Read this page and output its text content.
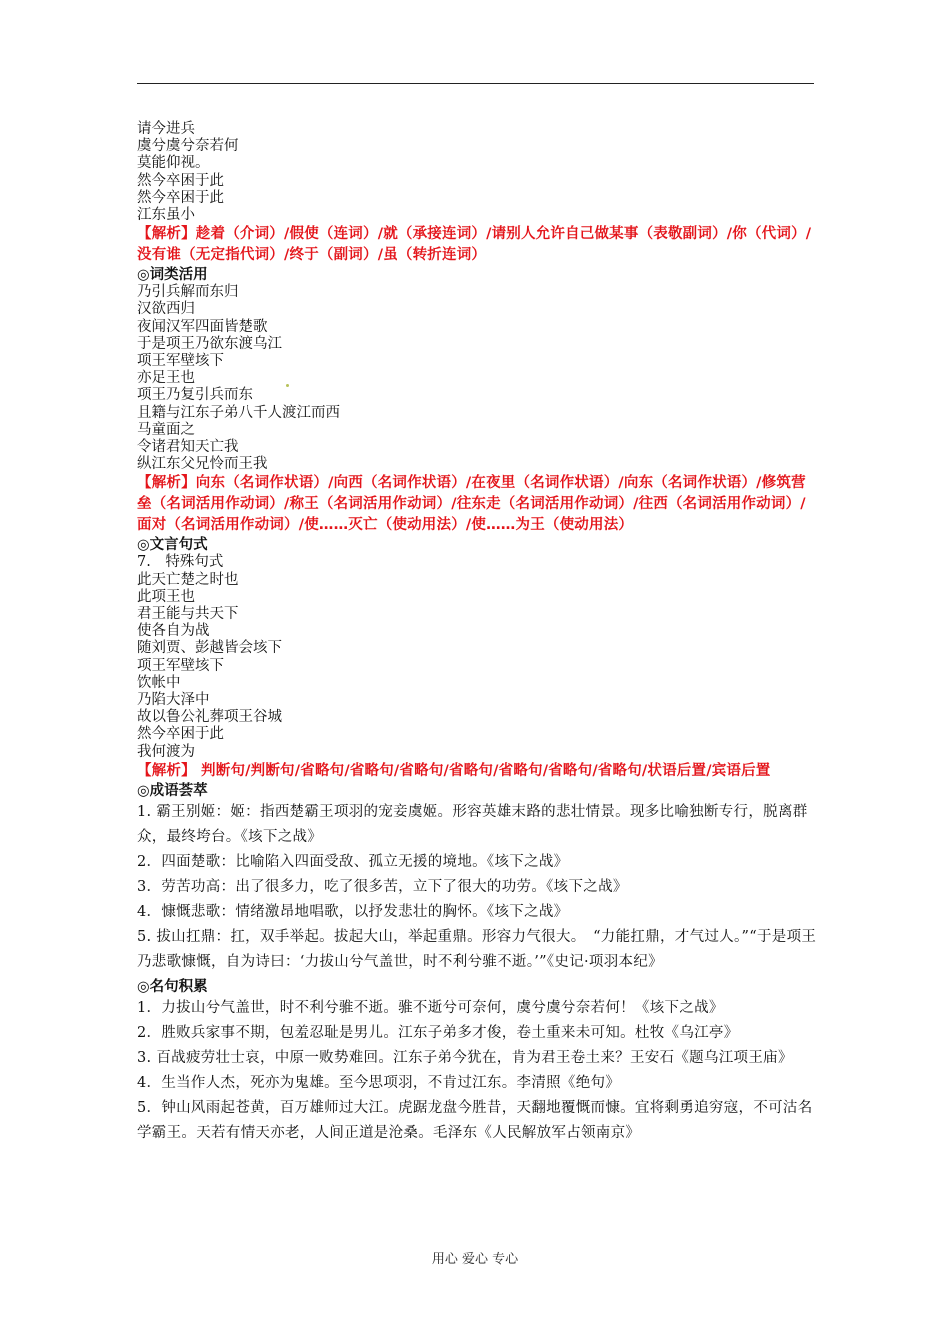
请今进兵
虞兮虞兮奈若何
莫能仰视。
然今卒困于此
然今卒困于此
江东虽小
【解析】趁着（介词）/假使（连词）/就（承接连词）/请别人允许自己做某事（表敬副词）/你（代词）/没有谁（无定指代词）/终于（副词）/虽（转折连词）
◎词类活用
乃引兵解而东归
汉欲西归
夜闻汉军四面皆楚歌
于是项王乃欲东渡乌江
项王军壁垓下
亦足王也
项王乃复引兵而东
且籍与江东子弟八千人渡江而西
马童面之
令诸君知天亡我
纵江东父兄怜而王我
【解析】向东（名词作状语）/向西（名词作状语）/在夜里（名词作状语）/向东（名词作状语）/修筑营垒（名词活用作动词）/称王（名词活用作动词）/往东走（名词活用作动词）/往西（名词活用作动词）/面对（名词活用作动词）/使……灭亡（使动用法）/使……为王（使动用法）
◎文言句式
7.　特殊句式
此天亡楚之时也
此项王也
君王能与共天下
使各自为战
随刘贾、彭越皆会垓下
项王军壁垓下
饮帐中
乃陷大泽中
故以鲁公礼葬项王谷城
然今卒困于此
我何渡为
【解析】 判断句/判断句/省略句/省略句/省略句/省略句/省略句/省略句/省略句/状语后置/宾语后置
◎成语荟萃
1. 霸王别姬：姬：指西楚霸王项羽的宠妾虞姬。形容英雄末路的悲壮情景。现多比喻独断专行，脱离群众，最终垮台。《垓下之战》
2．四面楚歌：比喻陷入四面受敌、孤立无援的境地。《垓下之战》
3．劳苦功高：出了很多力，吃了很多苦，立下了很大的功劳。《垓下之战》
4．慷慨悲歌：情绪激昂地唱歌，以抒发悲壮的胸怀。《垓下之战》
5. 拔山扛鼎：扛，双手举起。拔起大山，举起重鼎。形容力气很大。　“力能扛鼎，才气过人。”“于是项王乃悲歌慷慨，自为诗曰：‘力拔山兮气盖世，时不利兮骓不逝。’”《史记·项羽本纪》
◎名句积累
1．力拔山兮气盖世，时不利兮骓不逝。骓不逝兮可奈何，虞兮虞兮奈若何！《垓下之战》
2．胜败兵家事不期，包羞忍耻是男儿。江东子弟多才俊，卷土重来未可知。杜牧《乌江亭》
3. 百战疲劳壮士哀，中原一败势难回。江东子弟今犹在，肯为君王卷土来？王安石《题乌江项王庙》
4．生当作人杰，死亦为鬼雄。至今思项羽，不肯过江东。李清照《绝句》
5．钟山风雨起苍黄，百万雄师过大江。虎踞龙盘今胜昔，天翻地覆慨而慷。宜将剩勇追穷寇，不可沽名学霸王。天若有情天亦老，人间正道是沧桑。毛泽东《人民解放军占领南京》
用心 爱心 专心
